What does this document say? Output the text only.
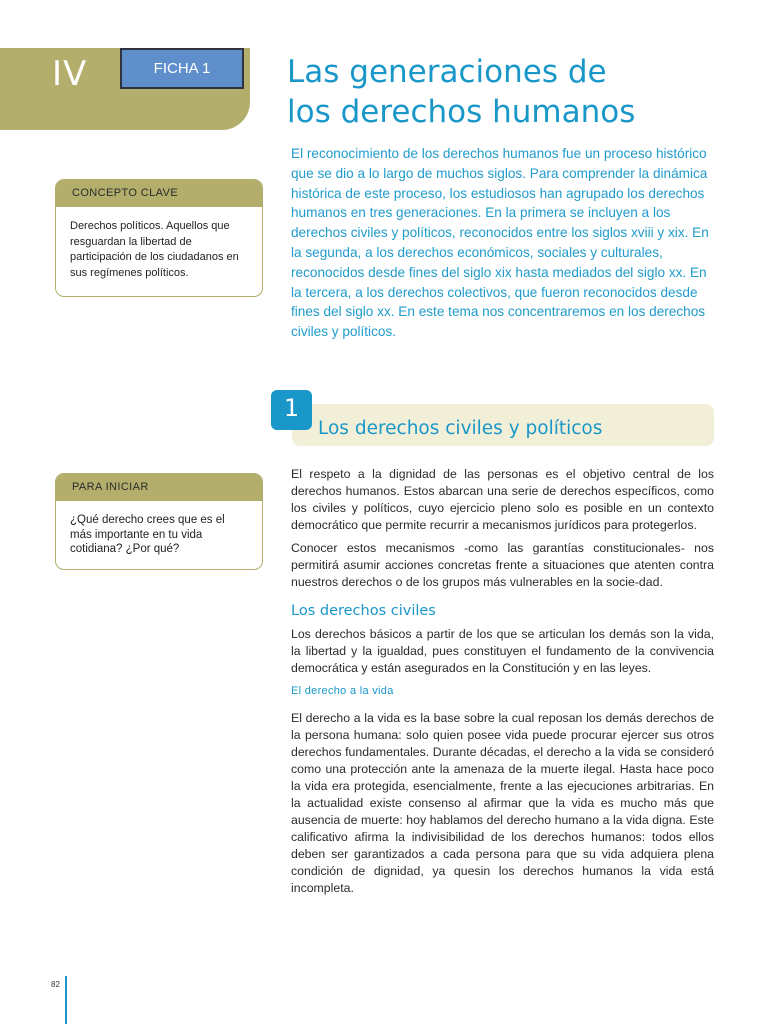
IV	FICHA 1	Las generaciones de
los derechos humanos

El reconocimiento de los derechos humanos fue un proceso histórico que se dio a lo largo de muchos siglos. Para comprender la dinámica histórica de este proceso, los estudiosos han agrupado los derechos humanos en tres generaciones. En la primera se incluyen a los derechos civiles y políticos, reconocidos entre los siglos xviii y xix. En la segunda, a los derechos económicos, sociales y culturales, reconocidos desde fines del siglo xix hasta mediados del siglo xx. En la tercera, a los derechos colectivos, que fueron reconocidos desde fines del siglo xx. En este tema nos concentraremos en los derechos civiles y políticos.

CONCEPTO CLAVE
Derechos políticos. Aquellos que resguardan la libertad de participación de los ciudadanos en sus regímenes políticos.
1
Los derechos civiles y políticos
PARA INICIAR
¿Qué derecho crees que es el más importante en tu vida cotidiana? ¿Por qué?

El respeto a la dignidad de las personas es el objetivo central de los derechos humanos. Estos abarcan una serie de derechos específicos, como los civiles y políticos, cuyo ejercicio pleno solo es posible en un contexto democrático que permite recurrir a mecanismos jurídicos para protegerlos.

Conocer estos mecanismos -como las garantías constitucionales- nos permitirá asumir acciones concretas frente a situaciones que atenten contra nuestros derechos o de los grupos más vulnerables en la socie-dad.

Los derechos civiles

Los derechos básicos a partir de los que se articulan los demás son la vida, la libertad y la igualdad, pues constituyen el fundamento de la convivencia democrática y están asegurados en la Constitución y en las leyes.

El derecho a la vida

El derecho a la vida es la base sobre la cual reposan los demás derechos de la persona humana: solo quien posee vida puede procurar ejercer sus otros derechos fundamentales. Durante décadas, el derecho a la vida se consideró como una protección ante la amenaza de la muerte ilegal. Hasta hace poco la vida era protegida, esencialmente, frente a las ejecuciones arbitrarias. En la actualidad existe consenso al afirmar que la vida es mucho más que ausencia de muerte: hoy hablamos del derecho humano a la vida digna. Este calificativo afirma la indivisibilidad de los derechos humanos: todos ellos deben ser garantizados a cada persona para que su vida adquiera plena condición de dignidad, ya quesin los derechos humanos la vida está incompleta.

82
